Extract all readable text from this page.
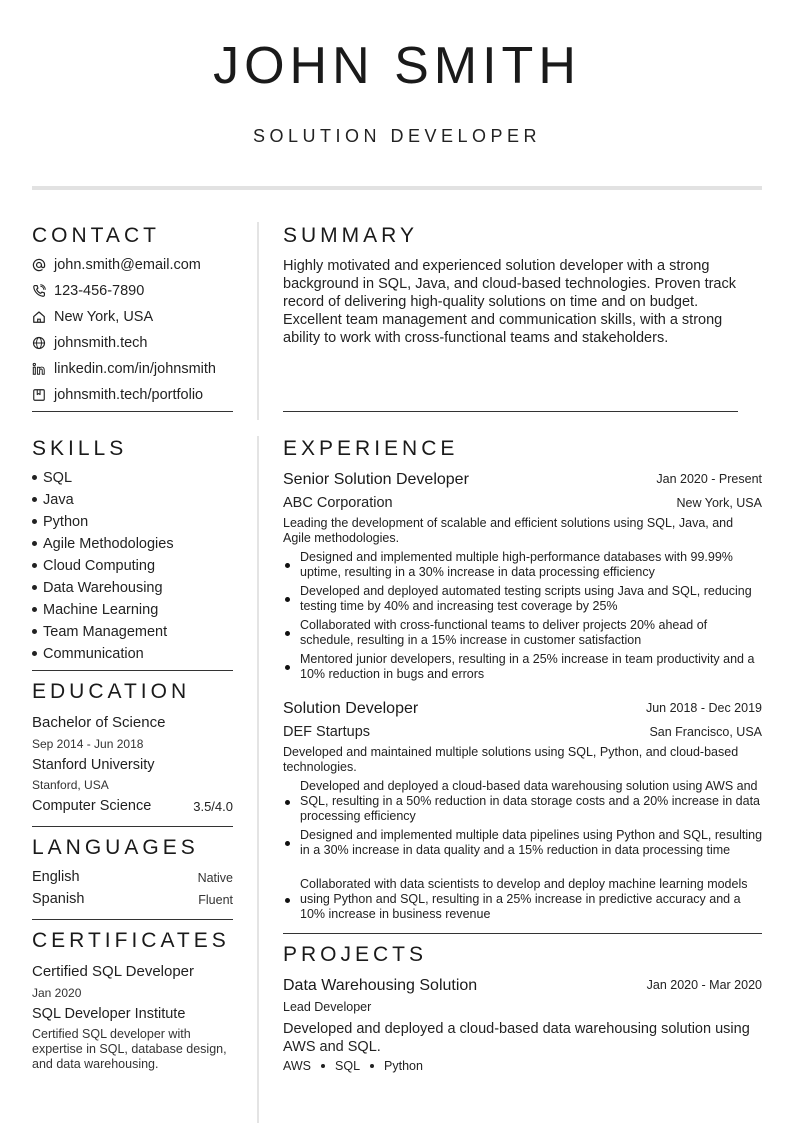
JOHN SMITH
SOLUTION DEVELOPER
CONTACT
john.smith@email.com
123-456-7890
New York, USA
johnsmith.tech
linkedin.com/in/johnsmith
johnsmith.tech/portfolio
SUMMARY
Highly motivated and experienced solution developer with a strong background in SQL, Java, and cloud-based technologies. Proven track record of delivering high-quality solutions on time and on budget. Excellent team management and communication skills, with a strong ability to work with cross-functional teams and stakeholders.
SKILLS
SQL
Java
Python
Agile Methodologies
Cloud Computing
Data Warehousing
Machine Learning
Team Management
Communication
EDUCATION
Bachelor of Science
Sep 2014 - Jun 2018
Stanford University
Stanford, USA
Computer Science	3.5/4.0
LANGUAGES
English	Native
Spanish	Fluent
CERTIFICATES
Certified SQL Developer
Jan 2020
SQL Developer Institute
Certified SQL developer with expertise in SQL, database design, and data warehousing.
EXPERIENCE
Senior Solution Developer	Jan 2020 - Present
ABC Corporation	New York, USA
Leading the development of scalable and efficient solutions using SQL, Java, and Agile methodologies.
Designed and implemented multiple high-performance databases with 99.99% uptime, resulting in a 30% increase in data processing efficiency
Developed and deployed automated testing scripts using Java and SQL, reducing testing time by 40% and increasing test coverage by 25%
Collaborated with cross-functional teams to deliver projects 20% ahead of schedule, resulting in a 15% increase in customer satisfaction
Mentored junior developers, resulting in a 25% increase in team productivity and a 10% reduction in bugs and errors
Solution Developer	Jun 2018 - Dec 2019
DEF Startups	San Francisco, USA
Developed and maintained multiple solutions using SQL, Python, and cloud-based technologies.
Developed and deployed a cloud-based data warehousing solution using AWS and SQL, resulting in a 50% reduction in data storage costs and a 20% increase in data processing efficiency
Designed and implemented multiple data pipelines using Python and SQL, resulting in a 30% increase in data quality and a 15% reduction in data processing time
Collaborated with data scientists to develop and deploy machine learning models using Python and SQL, resulting in a 25% increase in predictive accuracy and a 10% increase in business revenue
PROJECTS
Data Warehousing Solution	Jan 2020 - Mar 2020
Lead Developer
Developed and deployed a cloud-based data warehousing solution using AWS and SQL.
AWS SQL Python
